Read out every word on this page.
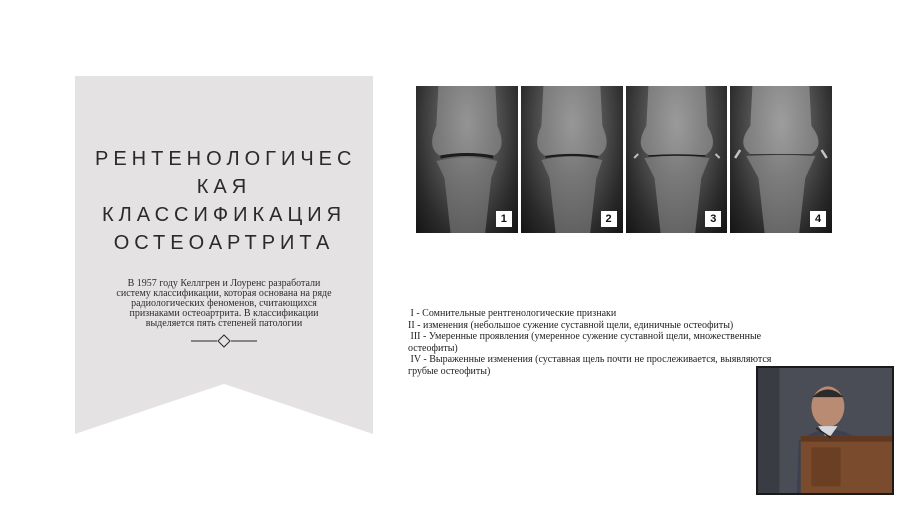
РЕНТЕНОЛОГИЧЕС
КАЯ
КЛАССИФИКАЦИЯ
ОСТЕОАРТРИТА
В 1957 году Келлгрен и Лоуренс разработали
систему классификации, которая основана на ряде
радиологических феноменов, считающихся
признаками остеоартрита. В классификации
выделяется пять степеней патологии
1	2	3	4
I - Сомнительные рентгенологические признаки
II - изменения (небольшое сужение суставной щели, единичные остеофиты)
III - Умеренные проявления (умеренное сужение суставной щели, множественные
остеофиты)
IV - Выраженные изменения (суставная щель почти не прослеживается, выявляются
грубые остеофиты)
